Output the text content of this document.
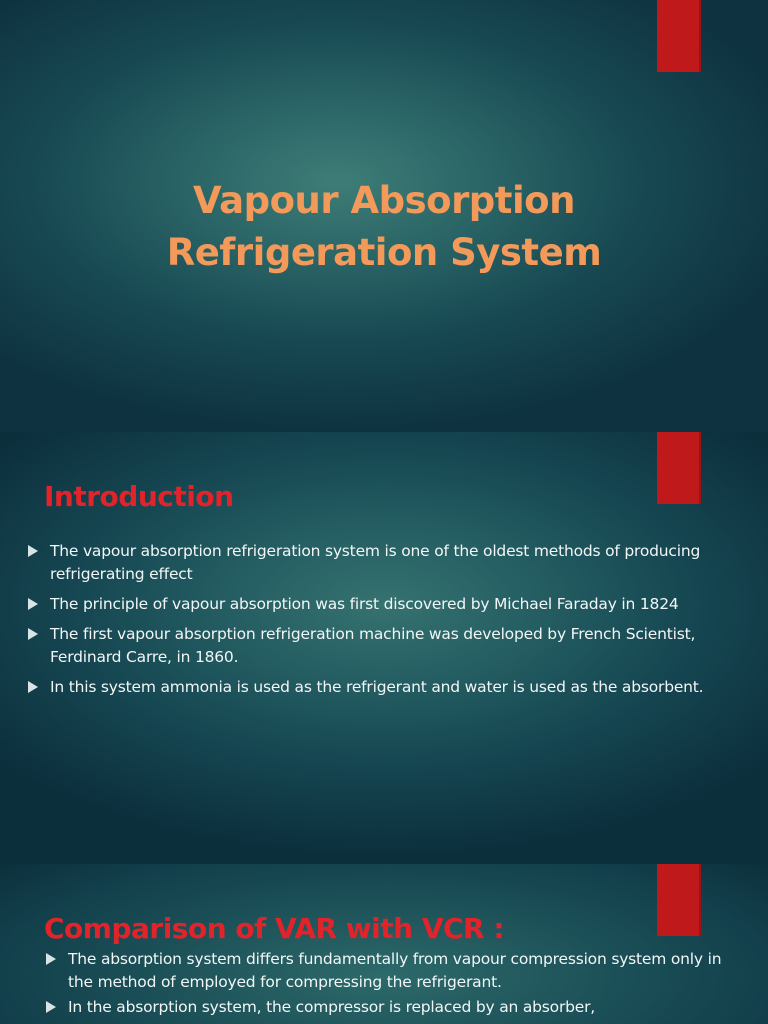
Vapour Absorption
Refrigeration System
Introduction
The vapour absorption refrigeration system is one of the oldest methods of producing refrigerating effect
The principle of vapour absorption was first discovered by Michael Faraday in 1824
The first vapour absorption refrigeration machine was developed by French Scientist, Ferdinard Carre, in 1860.
In this system ammonia is used as the refrigerant and water is used as the absorbent.
Comparison of VAR with VCR :
The absorption system differs fundamentally from vapour compression system only in the method of employed for compressing the refrigerant.
In the absorption system, the compressor is replaced by an absorber,
